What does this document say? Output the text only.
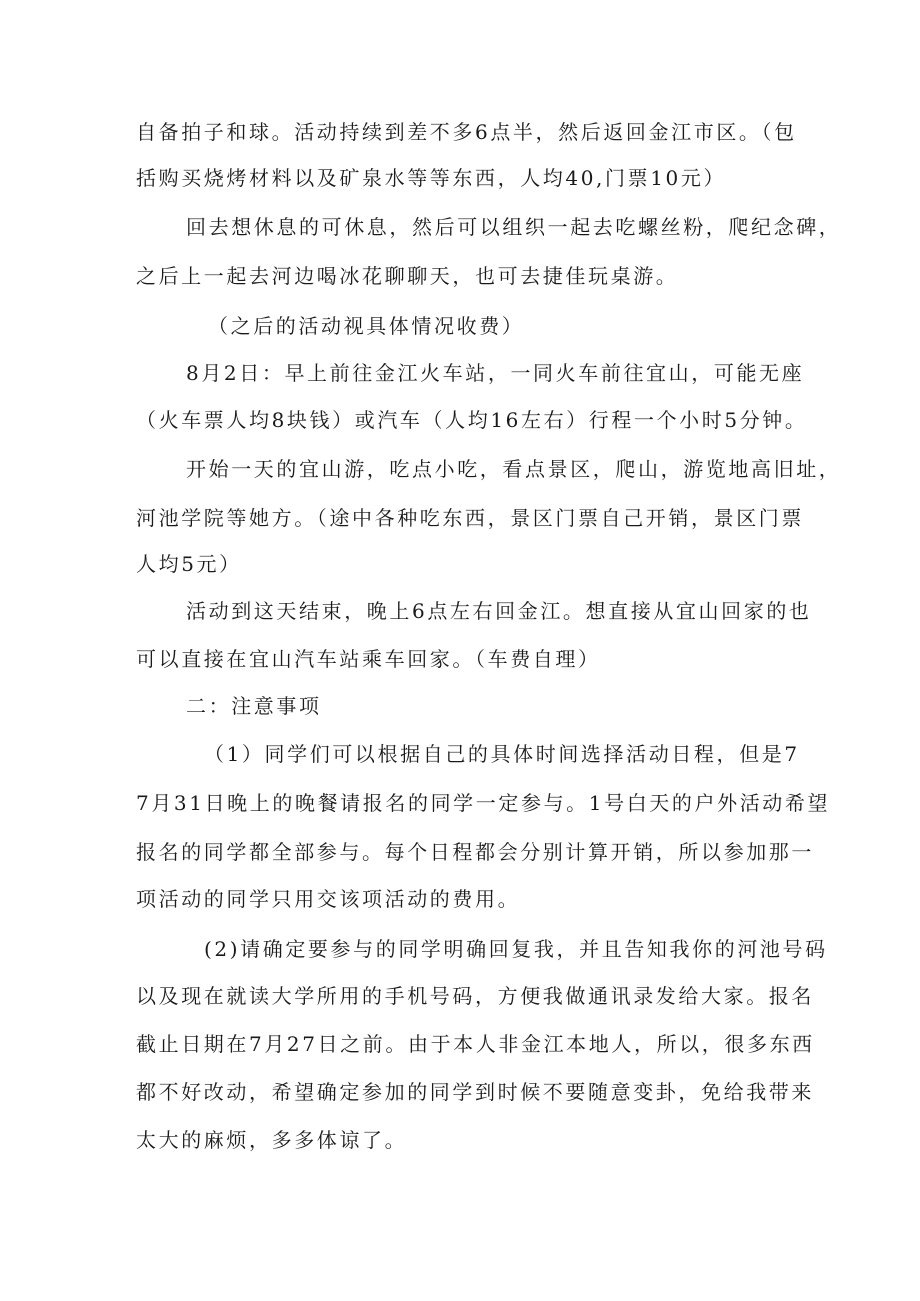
自备拍子和球。活动持续到差不多6点半，然后返回金江市区。（包
括购买烧烤材料以及矿泉水等等东西，人均40,门票10元）
回去想休息的可休息，然后可以组织一起去吃螺丝粉，爬纪念碑，
之后上一起去河边喝冰花聊聊天，也可去捷佳玩桌游。
（之后的活动视具体情况收费）
8月2日：早上前往金江火车站，一同火车前往宜山，可能无座
（火车票人均8块钱）或汽车（人均16左右）行程一个小时5分钟。
开始一天的宜山游，吃点小吃，看点景区，爬山，游览地高旧址，
河池学院等她方。（途中各种吃东西，景区门票自己开销，景区门票
人均5元）
活动到这天结束，晚上6点左右回金江。想直接从宜山回家的也
可以直接在宜山汽车站乘车回家。（车费自理）
二：注意事项
（1）同学们可以根据自己的具体时间选择活动日程，但是7
7月31日晚上的晚餐请报名的同学一定参与。1号白天的户外活动希望
报名的同学都全部参与。每个日程都会分别计算开销，所以参加那一
项活动的同学只用交该项活动的费用。
(2)请确定要参与的同学明确回复我，并且告知我你的河池号码
以及现在就读大学所用的手机号码，方便我做通讯录发给大家。报名
截止日期在7月27日之前。由于本人非金江本地人，所以，很多东西
都不好改动，希望确定参加的同学到时候不要随意变卦，免给我带来
太大的麻烦，多多体谅了。
